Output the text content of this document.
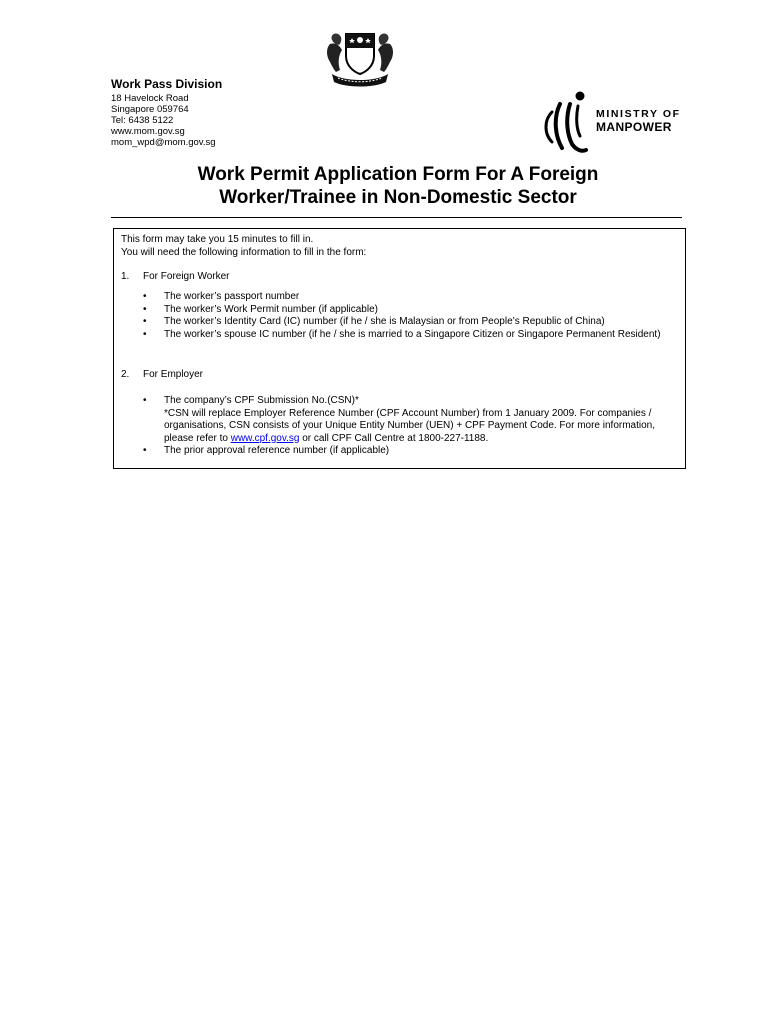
Work Pass Division
18 Havelock Road
Singapore 059764
Tel: 6438 5122
www.mom.gov.sg
mom_wpd@mom.gov.sg
MINISTRY OF
MANPOWER
Work Permit Application Form For A Foreign
Worker/Trainee in Non-Domestic Sector
This form may take you 15 minutes to fill in.
You will need the following information to fill in the form:
1. For Foreign Worker
• The worker’s passport number
• The worker’s Work Permit number (if applicable)
• The worker’s Identity Card (IC) number (if he / she is Malaysian or from People’s Republic of China)
• The worker’s spouse IC number (if he / she is married to a Singapore Citizen or Singapore Permanent Resident)
2. For Employer
• The company’s CPF Submission No.(CSN)*
*CSN will replace Employer Reference Number (CPF Account Number) from 1 January 2009. For companies / organisations, CSN consists of your Unique Entity Number (UEN) + CPF Payment Code. For more information, please refer to www.cpf.gov.sg or call CPF Call Centre at 1800-227-1188.
• The prior approval reference number (if applicable)
